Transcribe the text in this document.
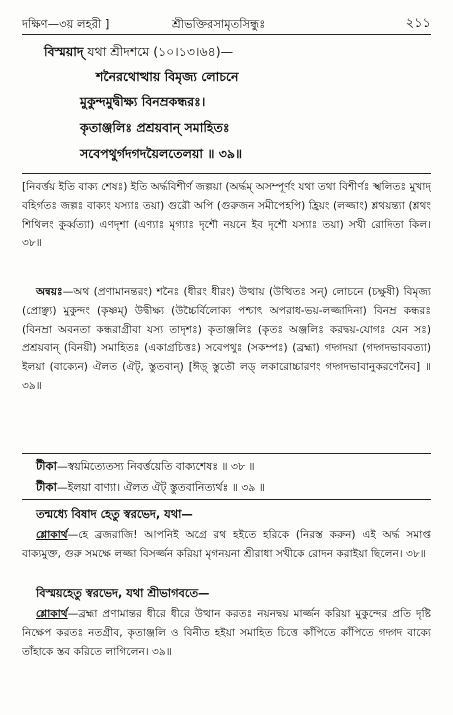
দক্ষিণ—৩য় লহরী ]	শ্রীভক্তিরসামৃতসিন্ধুঃ	২১১
বিস্ময়াদ্ যথা শ্রীদশমে (১০।১৩।৬৪)—
শনৈরথোত্থায় বিমৃজ্য লোচনে
মুকুন্দমুদ্বীক্ষ্য বিনম্রকন্ধরঃ।
কৃতাঞ্জলিঃ প্রশ্রয়বান্ সমাহিতঃ
সবেপথুর্গদগদয়ৈলতেলয়া ॥ ৩৯॥
[নিবর্ত্তয় ইতি বাক্য শেষঃ) ইতি অর্দ্ধবিশীর্ণ জল্পয়া (অর্দ্ধম্ অসম্পূর্ণং যথা তথা বিশীর্ণঃ স্খলিতঃ মুখাদ্ বহির্গতঃ জল্পঃ বাক্যং যস্যাঃ তয়া) গুরৌ অপি (গুরুজন সমীপেহপি) হ্রিয়ং (লজ্জাং) শ্লথয়ন্ত্যা (শ্লথং শিথিলং কুর্ব্বত্যা) এণদৃশা (এণ্যাঃ মৃগ্যাঃ দৃশৌ নয়নে ইব দৃশৌ যস্যাঃ তয়া) সখী রোদিতা কিল। ৩৮॥
অন্বয়ঃ—অথ (প্রণামানন্তরং) শনৈঃ (ধীরং ধীরং) উত্থায় (উত্থিতঃ সন্) লোচনে (চক্ষুষী) বিমৃজ্য (প্রোঞ্ছ্য) মুকুন্দং (কৃষ্ণম্) উদ্বীক্ষ্য (উচ্চৈর্বিলোক্য পশ্চাৎ অপরাধ-ভয়-লজ্জাদিনা) বিনম্র কন্ধরঃ (বিনম্রা অবনতা কন্ধরাগ্রীবা যস্য তাদৃশঃ) কৃতাঞ্জলিঃ (কৃতঃ অঞ্জলিঃ করদ্বয়-যোগঃ যেন সঃ) প্রশ্রয়বান্ (বিনয়ী) সমাহিতঃ (একাগ্রচিত্তঃ) সবেপথুঃ (সকম্পঃ) (ব্রহ্মা) গদ্গদয়া (গদ্গদভাববত্যা) ইলয়া (বাক্যেন) ঐলত (ঐট্, স্তুতবান্) [ঈড়্ স্তুতৌ লড্ লকারোচ্চারণং গদ্গদভাবানুকরণেনৈব] ॥ ৩৯॥
টীকা—স্বয়মিত্যেতস্য নিবর্ত্তয়েতি বাক্যশেষঃ ॥ ৩৮ ॥
টীকা—ইলয়া বাণ্যা। ঐলত ঐট্ স্তুতবানিত্যর্থঃ ॥ ৩৯ ॥
তন্মধ্যে বিষাদ হেতু স্বরভেদ, যথা—
শ্লোকার্থ—হে ব্রজরাজি! আপনিই অগ্রে রথ হইতে হরিকে (নিরস্ত করুন) এই অর্দ্ধ সমাপ্ত বাক্যমুক্ত, গুরু সমক্ষে লজ্জা বিসর্জ্জন করিয়া মৃগনয়না শ্রীরাধা সখীকে রোদন করাইয়া ছিলেন। ৩৮॥
বিস্ময়হেতু স্বরভেদ, যথা শ্রীভাগবতে—
শ্লোকার্থ—ব্রহ্মা প্রণামান্তর ধীরে ধীরে উত্থান করতঃ নয়নদ্বয় মার্জ্জন করিয়া মুকুন্দের প্রতি দৃষ্টি নিক্ষেপ করতঃ নতগ্রীব, কৃতাঞ্জলি ও বিনীত হইয়া সমাহিত চিত্তে কাঁপিতে কাঁপিতে গদ্গদ বাক্যে তাঁহাকে স্তব করিতে লাগিলেন। ৩৯॥
